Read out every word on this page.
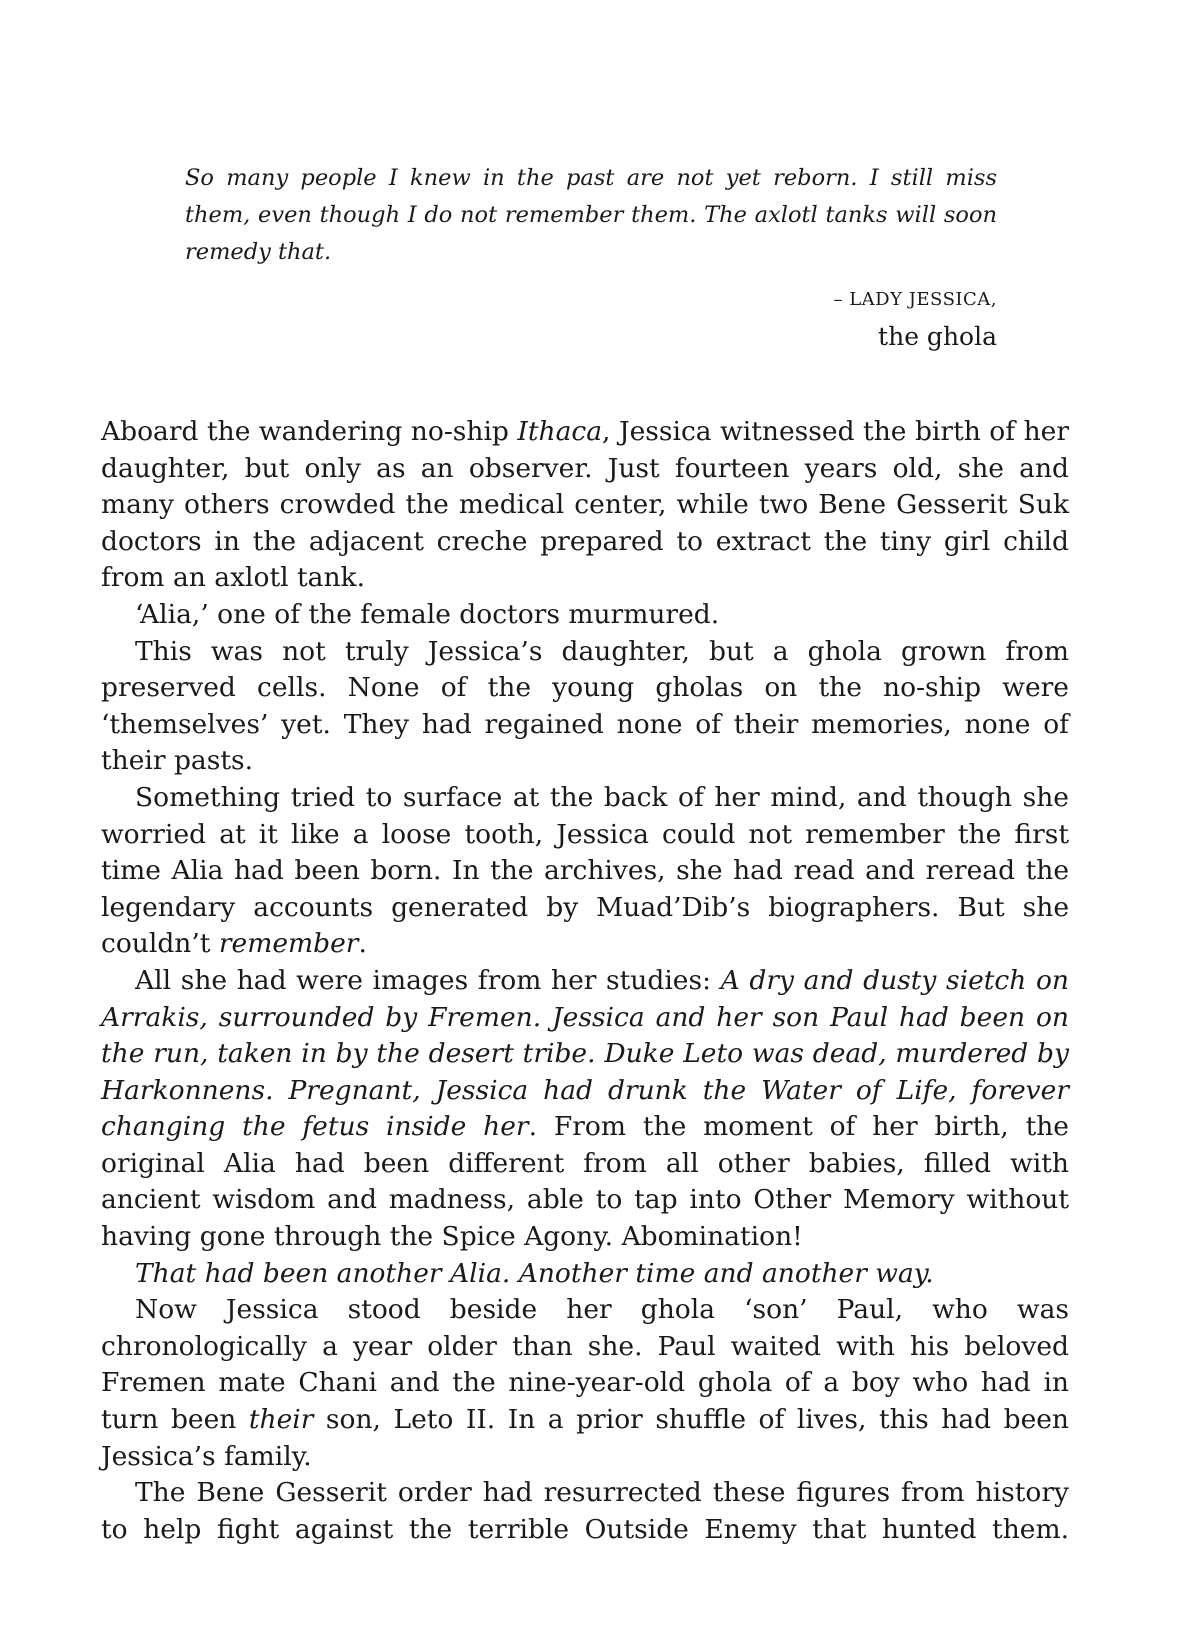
So many people I knew in the past are not yet reborn. I still miss them, even though I do not remember them. The axlotl tanks will soon remedy that.

– LADY JESSICA,
the ghola

Aboard the wandering no-ship Ithaca, Jessica witnessed the birth of her daughter, but only as an observer. Just fourteen years old, she and many others crowded the medical center, while two Bene Gesserit Suk doctors in the adjacent creche prepared to extract the tiny girl child from an axlotl tank.

‘Alia,’ one of the female doctors murmured.

This was not truly Jessica’s daughter, but a ghola grown from preserved cells. None of the young gholas on the no-ship were ‘themselves’ yet. They had regained none of their memories, none of their pasts.

Something tried to surface at the back of her mind, and though she worried at it like a loose tooth, Jessica could not remember the first time Alia had been born. In the archives, she had read and reread the legendary accounts generated by Muad’Dib’s biographers. But she couldn’t remember.

All she had were images from her studies: A dry and dusty sietch on Arrakis, surrounded by Fremen. Jessica and her son Paul had been on the run, taken in by the desert tribe. Duke Leto was dead, murdered by Harkonnens. Pregnant, Jessica had drunk the Water of Life, forever changing the fetus inside her. From the moment of her birth, the original Alia had been different from all other babies, filled with ancient wisdom and madness, able to tap into Other Memory without having gone through the Spice Agony. Abomination!

That had been another Alia. Another time and another way.

Now Jessica stood beside her ghola ‘son’ Paul, who was chronologically a year older than she. Paul waited with his beloved Fremen mate Chani and the nine-year-old ghola of a boy who had in turn been their son, Leto II. In a prior shuffle of lives, this had been Jessica’s family.

The Bene Gesserit order had resurrected these figures from history to help fight against the terrible Outside Enemy that hunted them.
